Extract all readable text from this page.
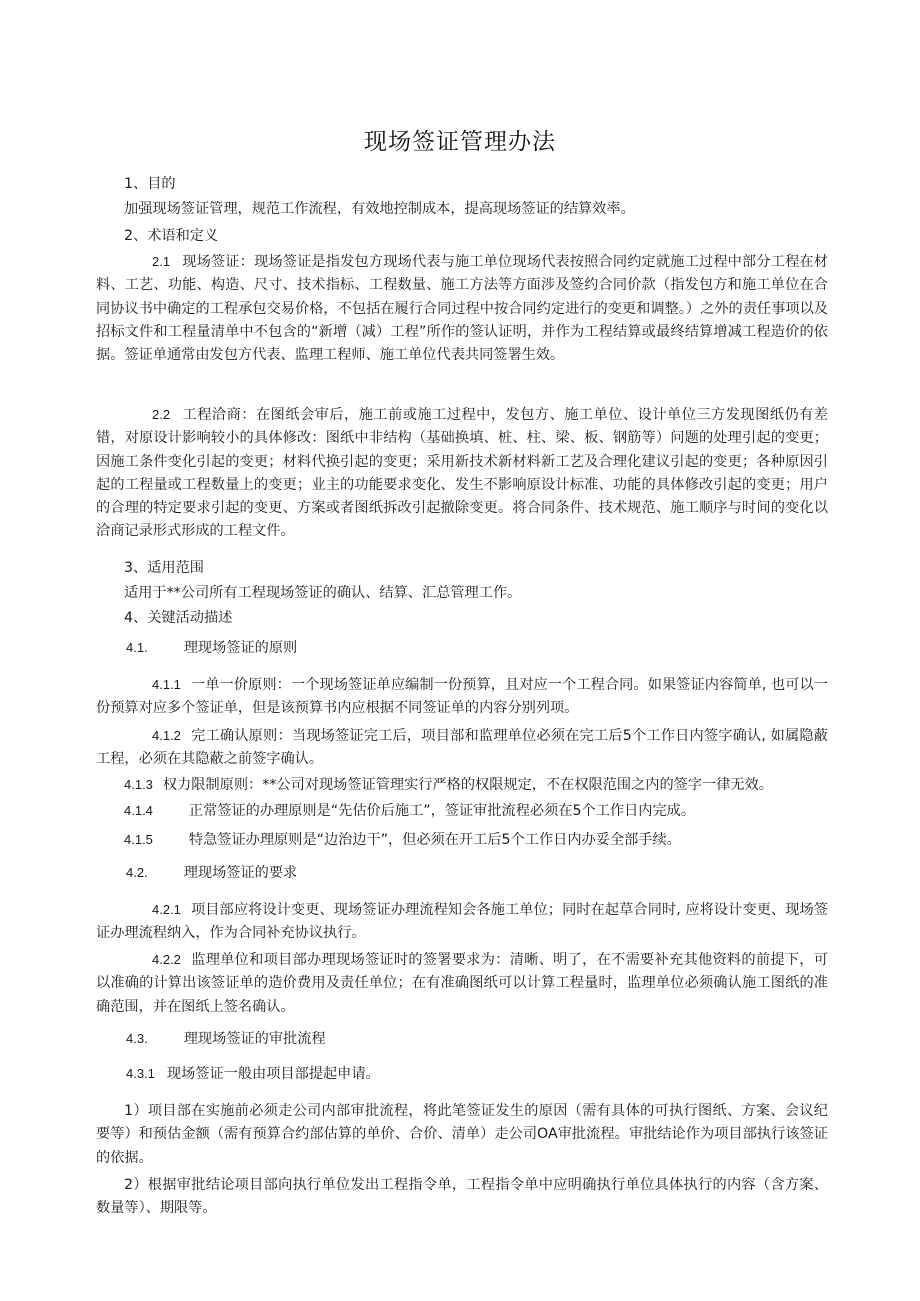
现场签证管理办法

1、目的

加强现场签证管理，规范工作流程，有效地控制成本，提高现场签证的结算效率。

2、术语和定义

2.1 现场签证：现场签证是指发包方现场代表与施工单位现场代表按照合同约定就施工过程中部分工程在材料、工艺、功能、构造、尺寸、技术指标、工程数量、施工方法等方面涉及签约合同价款（指发包方和施工单位在合同协议书中确定的工程承包交易价格，不包括在履行合同过程中按合同约定进行的变更和调整。）之外的责任事项以及招标文件和工程量清单中不包含的“新增（减）工程”所作的签认证明，并作为工程结算或最终结算增减工程造价的依据。签证单通常由发包方代表、监理工程师、施工单位代表共同签署生效。

2.2 工程洽商：在图纸会审后，施工前或施工过程中，发包方、施工单位、设计单位三方发现图纸仍有差错，对原设计影响较小的具体修改：图纸中非结构（基础换填、桩、柱、梁、板、钢筋等）问题的处理引起的变更；因施工条件变化引起的变更；材料代换引起的变更；采用新技术新材料新工艺及合理化建议引起的变更；各种原因引起的工程量或工程数量上的变更；业主的功能要求变化、发生不影响原设计标准、功能的具体修改引起的变更；用户的合理的特定要求引起的变更、方案或者图纸拆改引起撤除变更。将合同条件、技术规范、施工顺序与时间的变化以洽商记录形式形成的工程文件。

3、适用范围

适用于**公司所有工程现场签证的确认、结算、汇总管理工作。

4、关键活动描述

4.1.	理现场签证的原则

4.1.1 一单一价原则：一个现场签证单应编制一份预算，且对应一个工程合同。如果签证内容简单, 也可以一份预算对应多个签证单，但是该预算书内应根据不同签证单的内容分别列项。

4.1.2 完工确认原则：当现场签证完工后，项目部和监理单位必须在完工后5个工作日内签字确认, 如属隐蔽工程，必须在其隐蔽之前签字确认。

4.1.3 权力限制原则：**公司对现场签证管理实行严格的权限规定，不在权限范围之内的签字一律无效。

4.1.4	正常签证的办理原则是“先估价后施工”，签证审批流程必须在5个工作日内完成。

4.1.5	特急签证办理原则是“边治边干”，但必须在开工后5个工作日内办妥全部手续。

4.2.	理现场签证的要求

4.2.1 项目部应将设计变更、现场签证办理流程知会各施工单位；同时在起草合同时, 应将设计变更、现场签证办理流程纳入，作为合同补充协议执行。

4.2.2 监理单位和项目部办理现场签证时的签署要求为：清晰、明了，在不需要补充其他资料的前提下，可以准确的计算出该签证单的造价费用及责任单位；在有准确图纸可以计算工程量时，监理单位必须确认施工图纸的准确范围，并在图纸上签名确认。

4.3.	理现场签证的审批流程

4.3.1 现场签证一般由项目部提起申请。

1）项目部在实施前必须走公司内部审批流程，将此笔签证发生的原因（需有具体的可执行图纸、方案、会议纪要等）和预估金额（需有预算合约部估算的单价、合价、清单）走公司OA审批流程。审批结论作为项目部执行该签证的依据。

2）根据审批结论项目部向执行单位发出工程指令单，工程指令单中应明确执行单位具体执行的内容（含方案、数量等）、期限等。
